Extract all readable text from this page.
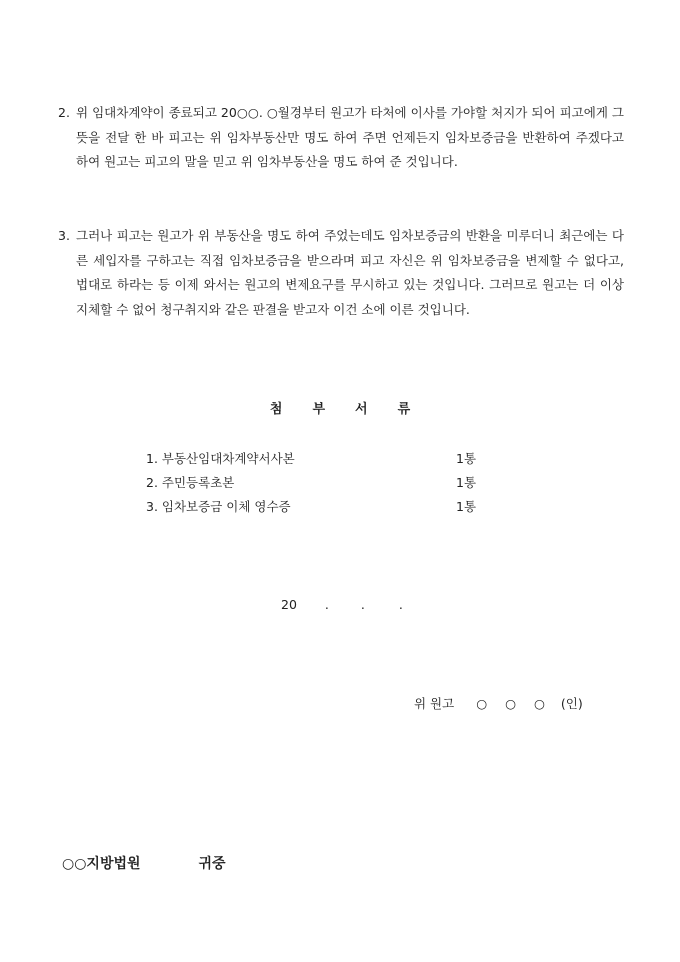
2. 위 임대차계약이 종료되고 20○○. ○월경부터 원고가 타처에 이사를 가야할 처지가 되어 피고에게 그 뜻을 전달 한 바 피고는 위 임차부동산만 명도 하여 주면 언제든지 임차보증금을 반환하여 주겠다고 하여 원고는 피고의 말을 믿고 위 임차부동산을 명도 하여 준 것입니다.
3. 그러나 피고는 원고가 위 부동산을 명도 하여 주었는데도 임차보증금의 반환을 미루더니 최근에는 다른 세입자를 구하고는 직접 임차보증금을 받으라며 피고 자신은 위 임차보증금을 변제할 수 없다고, 법대로 하라는 등 이제 와서는 원고의 변제요구를 무시하고 있는 것입니다. 그러므로 원고는 더 이상 지체할 수 없어 청구취지와 같은 판결을 받고자 이건 소에 이른 것입니다.
첨 부 서 류
1. 부동산임대차계약서사본	1통
2. 주민등록초본	1통
3. 임차보증금 이체 영수증	1통
20 .	.	.
위 원고 ○ ○ ○ (인)
○○지방법원	귀중
